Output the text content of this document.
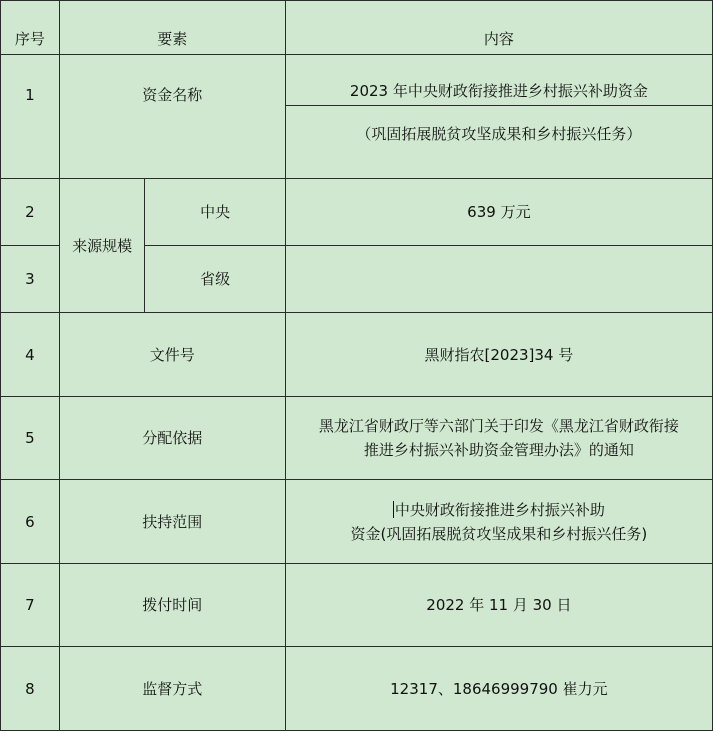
序号	要素		内容
1	资金名称		2023 年中央财政衔接推进乡村振兴补助资金
			（巩固拓展脱贫攻坚成果和乡村振兴任务）
2	来源规模	中央	639 万元
3		省级	
4	文件号		黑财指农[2023]34 号
5	分配依据		黑龙江省财政厅等六部门关于印发《黑龙江省财政衔接
推进乡村振兴补助资金管理办法》的通知

6	扶持范围		中央财政衔接推进乡村振兴补助
资金(巩固拓展脱贫攻坚成果和乡村振兴任务)

7	拨付时间		2022 年 11 月 30 日
8	监督方式		12317、18646999790 崔力元
